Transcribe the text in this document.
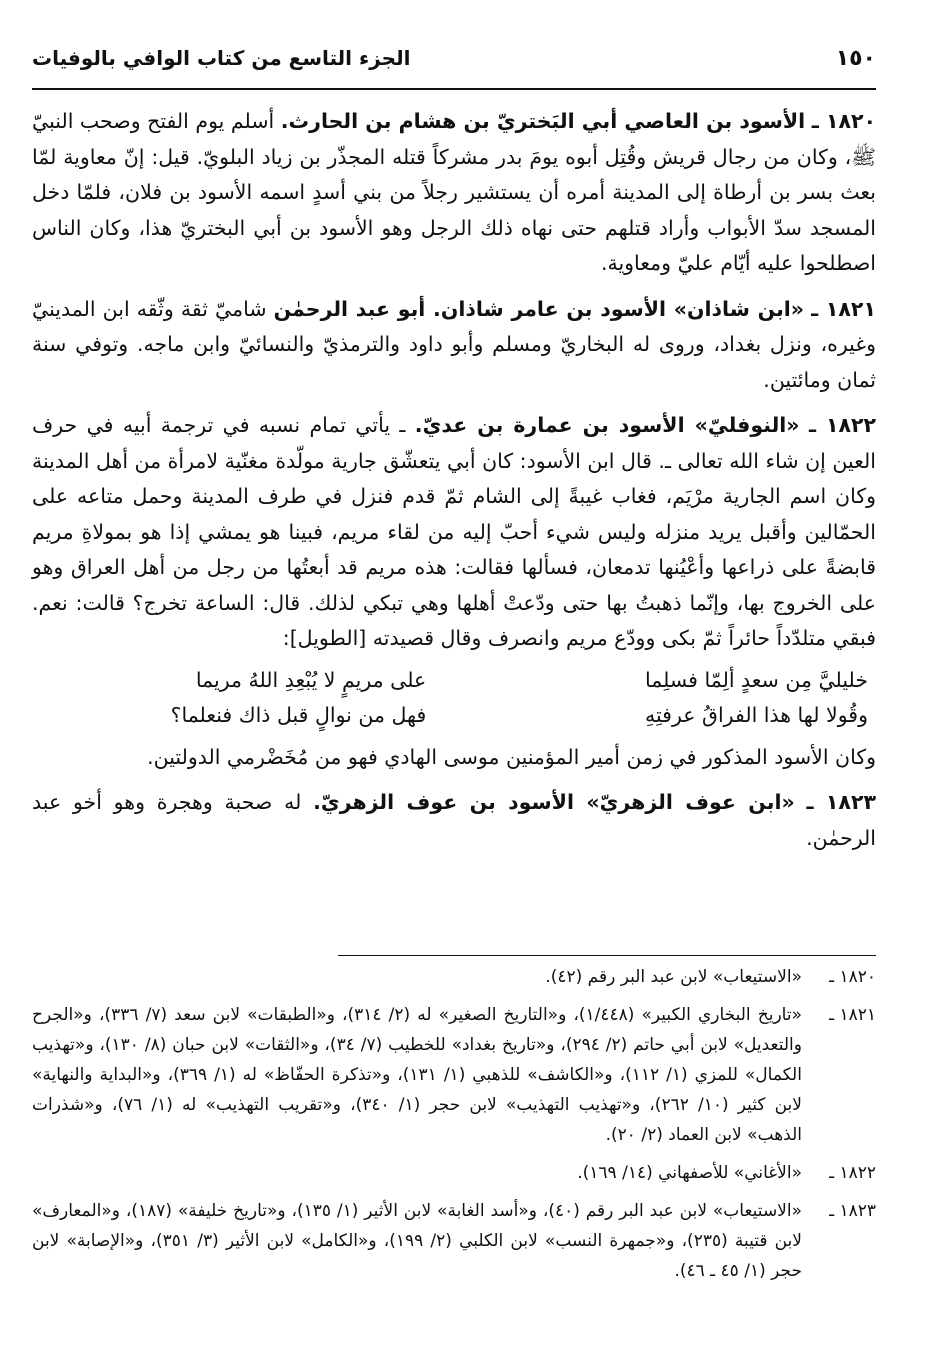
١٥٠
الجزء التاسع من كتاب الوافي بالوفيات

١٨٢٠ ـ الأسود بن العاصي أبي البَختريّ بن هشام بن الحارث. أسلم يوم الفتح وصحب النبيّ ﷺ، وكان من رجال قريش وقُتِل أبوه يومَ بدر مشركاً قتله المجذّر بن زياد البلويّ. قيل: إنّ معاوية لمّا بعث بسر بن أرطاة إلى المدينة أمره أن يستشير رجلاً من بني أسدٍ اسمه الأسود بن فلان، فلمّا دخل المسجد سدّ الأبواب وأراد قتلهم حتى نهاه ذلك الرجل وهو الأسود بن أبي البختريّ هذا، وكان الناس اصطلحوا عليه أيّام عليّ ومعاوية.

١٨٢١ ـ «ابن شاذان» الأسود بن عامر شاذان. أبو عبد الرحمٰن شاميّ ثقة وثّقه ابن المدينيّ وغيره، ونزل بغداد، وروى له البخاريّ ومسلم وأبو داود والترمذيّ والنسائيّ وابن ماجه. وتوفي سنة ثمان ومائتين.

١٨٢٢ ـ «النوفليّ» الأسود بن عمارة بن عديّ. ـ يأتي تمام نسبه في ترجمة أبيه في حرف العين إن شاء الله تعالى ـ. قال ابن الأسود: كان أبي يتعشّق جارية مولّدة مغنّية لامرأة من أهل المدينة وكان اسم الجارية مرْيَم، فغاب غيبةً إلى الشام ثمّ قدم فنزل في طرف المدينة وحمل متاعه على الحمّالين وأقبل يريد منزله وليس شيء أحبّ إليه من لقاء مريم، فبينا هو يمشي إذا هو بمولاةِ مريم قابضةً على ذراعها وأعْيُنها تدمعان، فسألها فقالت: هذه مريم قد أبعتُها من رجل من أهل العراق وهو على الخروج بها، وإنّما ذهبتُ بها حتى ودّعتْ أهلها وهي تبكي لذلك. قال: الساعة تخرج؟ قالت: نعم. فبقي متلدّداً حائراً ثمّ بكى وودّع مريم وانصرف وقال قصيدته [الطويل]:

خليليَّ مِن سعدٍ ألِمّا فسلِما
على مريمٍ لا يُبْعِدِ اللهُ مريما
وقُولا لها هذا الفراقُ عرفتِهِ
فهل من نوالٍ قبل ذاك فنعلما؟

وكان الأسود المذكور في زمن أمير المؤمنين موسى الهادي فهو من مُخَضْرمي الدولتين.

١٨٢٣ ـ «ابن عوف الزهريّ» الأسود بن عوف الزهريّ. له صحبة وهجرة وهو أخو عبد الرحمٰن.

١٨٢٠ ـ
«الاستيعاب» لابن عبد البر رقم (٤٢).
١٨٢١ ـ
«تاريخ البخاري الكبير» (١/٤٤٨)، و«التاريخ الصغير» له (٢/ ٣١٤)، و«الطبقات» لابن سعد (٧/ ٣٣٦)، و«الجرح والتعديل» لابن أبي حاتم (٢/ ٢٩٤)، و«تاريخ بغداد» للخطيب (٧/ ٣٤)، و«الثقات» لابن حبان (٨/ ١٣٠)، و«تهذيب الكمال» للمزي (١/ ١١٢)، و«الكاشف» للذهبي (١/ ١٣١)، و«تذكرة الحفّاظ» له (١/ ٣٦٩)، و«البداية والنهاية» لابن كثير (١٠/ ٢٦٢)، و«تهذيب التهذيب» لابن حجر (١/ ٣٤٠)، و«تقريب التهذيب» له (١/ ٧٦)، و«شذرات الذهب» لابن العماد (٢/ ٢٠).
١٨٢٢ ـ
«الأغاني» للأصفهاني (١٤/ ١٦٩).
١٨٢٣ ـ
«الاستيعاب» لابن عبد البر رقم (٤٠)، و«أسد الغابة» لابن الأثير (١/ ١٣٥)، و«تاريخ خليفة» (١٨٧)، و«المعارف» لابن قتيبة (٢٣٥)، و«جمهرة النسب» لابن الكلبي (٢/ ١٩٩)، و«الكامل» لابن الأثير (٣/ ٣٥١)، و«الإصابة» لابن حجر (١/ ٤٥ ـ ٤٦).
